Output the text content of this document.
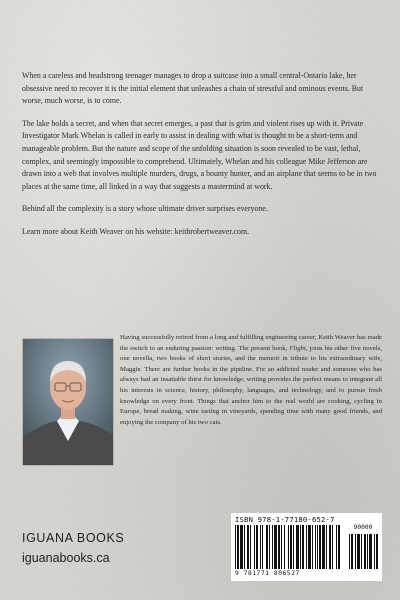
When a careless and headstrong teenager manages to drop a suitcase into a small central-Ontario lake, her obsessive need to recover it is the initial element that unleashes a chain of stressful and ominous events. But worse, much worse, is to come.

The lake holds a secret, and when that secret emerges, a past that is grim and violent rises up with it. Private Investigator Mark Whelan is called in early to assist in dealing with what is thought to be a short-term and manageable problem. But the nature and scope of the unfolding situation is soon revealed to be vast, lethal, complex, and seemingly impossible to comprehend. Ultimately, Whelan and his colleague Mike Jefferson are drawn into a web that involves multiple murders, drugs, a bounty hunter, and an airplane that seems to be in two places at the same time, all linked in a way that suggests a mastermind at work.

Behind all the complexity is a story whose ultimate driver surprises everyone.

Learn more about Keith Weaver on his website: keithrobertweaver.com.

Having successfully retired from a long and fulfilling engineering career, Keith Weaver has made the switch to an enduring passion: writing. The present book, Flight, joins his other five novels, one novella, two books of short stories, and the memoir in tribute to his extraordinary wife, Maggie. There are further books in the pipeline. For an addicted reader and someone who has always had an insatiable thirst for knowledge, writing provides the perfect means to integrate all his interests in science, history, philosophy, languages, and technology, and to pursue fresh knowledge on every front. Things that anchor him to the real world are cooking, cycling in Europe, bread making, wine tasting in vineyards, spending time with many good friends, and enjoying the company of his two cats.

IGUANA BOOKS
iguanabooks.ca
ISBN 978-1-77180-652-7
90000
9 781771 806527
